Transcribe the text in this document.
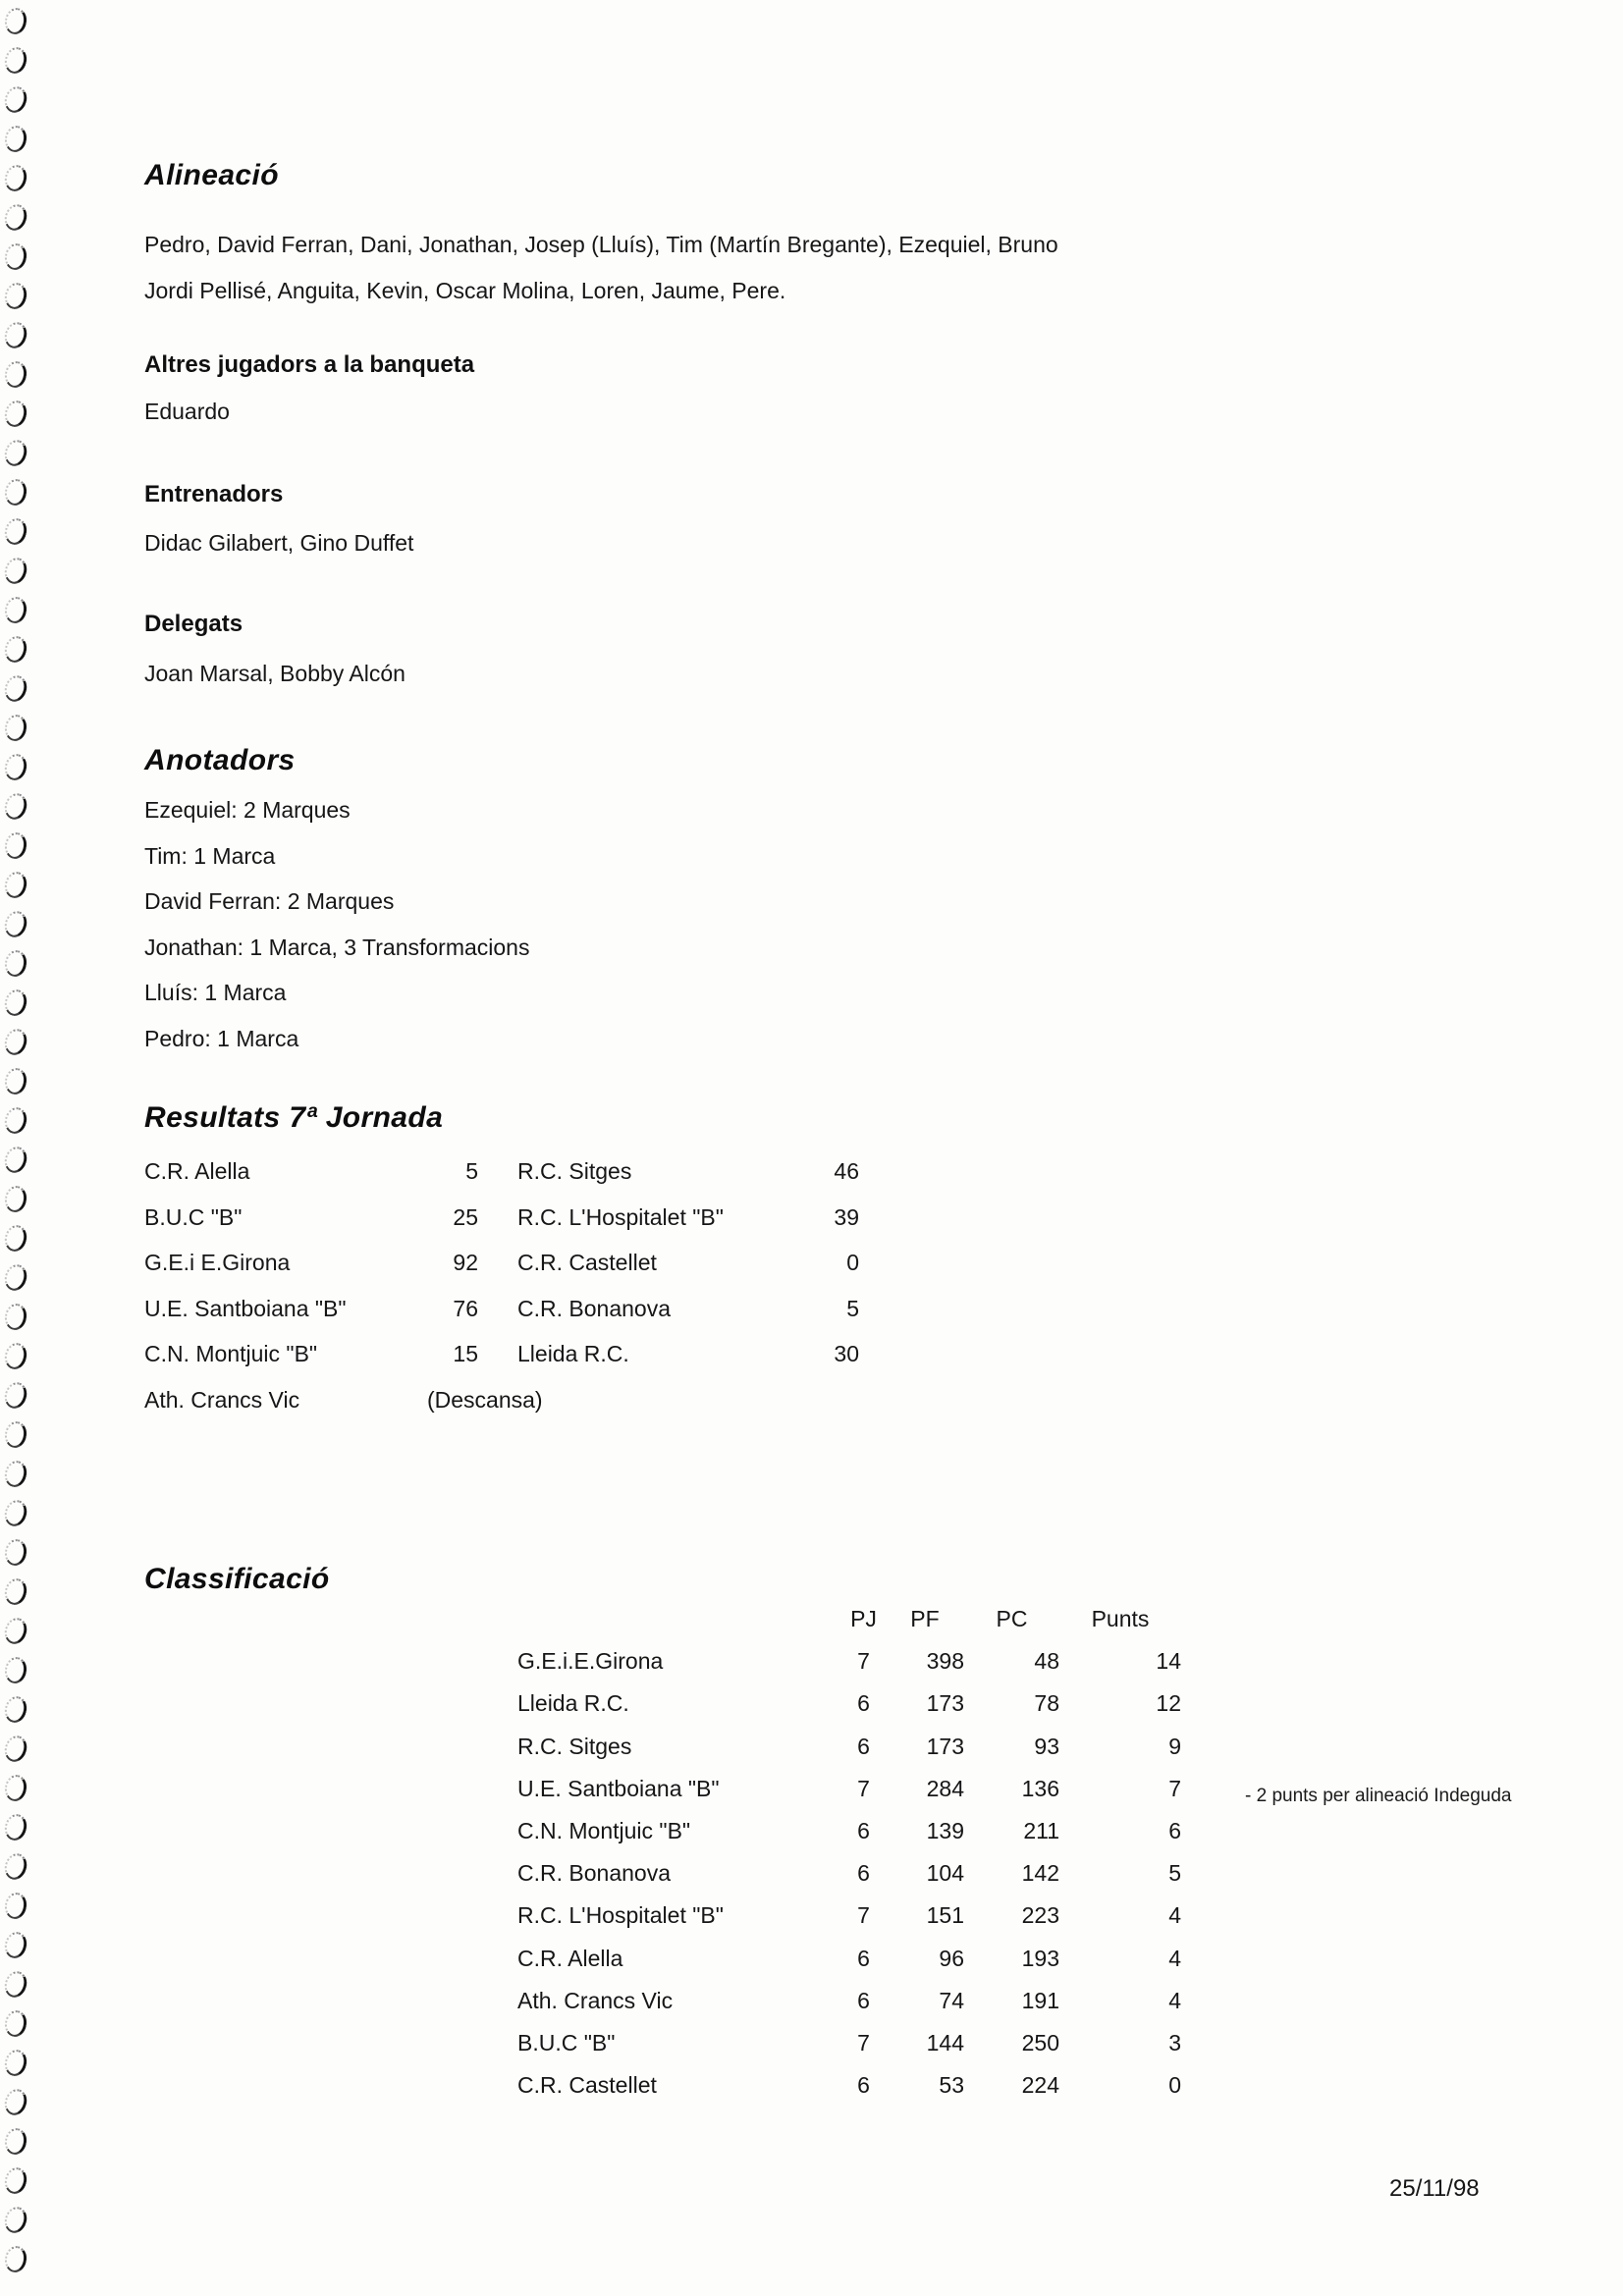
Alineació

Pedro, David Ferran, Dani, Jonathan, Josep (Lluís), Tim (Martín Bregante), Ezequiel, Bruno

Jordi Pellisé, Anguita, Kevin, Oscar Molina, Loren, Jaume, Pere.

Altres jugadors a la banqueta

Eduardo

Entrenadors

Didac Gilabert, Gino Duffet

Delegats

Joan Marsal, Bobby Alcón

Anotadors

Ezequiel: 2 Marques

Tim: 1 Marca

David Ferran: 2 Marques

Jonathan: 1 Marca, 3 Transformacions

Lluís: 1 Marca

Pedro: 1 Marca

Resultats 7ª Jornada
C.R. Alella	5 R.C. Sitges	46
B.U.C "B"	25 R.C. L'Hospitalet "B"	39
G.E.i E.Girona	92 C.R. Castellet	0
U.E. Santboiana "B"	76 C.R. Bonanova	5
C.N. Montjuic "B"	15 Lleida R.C.	30
Ath. Crancs Vic	(Descansa)
Classificació
PJ	PF	PC	Punts
G.E.i.E.Girona	7	398	48	14
Lleida R.C.	6	173	78	12
R.C. Sitges	6	173	93	9
U.E. Santboiana "B"	7	284	136	7
C.N. Montjuic "B"	6	139	211	6
C.R. Bonanova	6	104	142	5
R.C. L'Hospitalet "B"	7	151	223	4
C.R. Alella	6	96	193	4
Ath. Crancs Vic	6	74	191	4
B.U.C "B"	7	144	250	3
C.R. Castellet	6	53	224	0

- 2 punts per alineació Indeguda

25/11/98
